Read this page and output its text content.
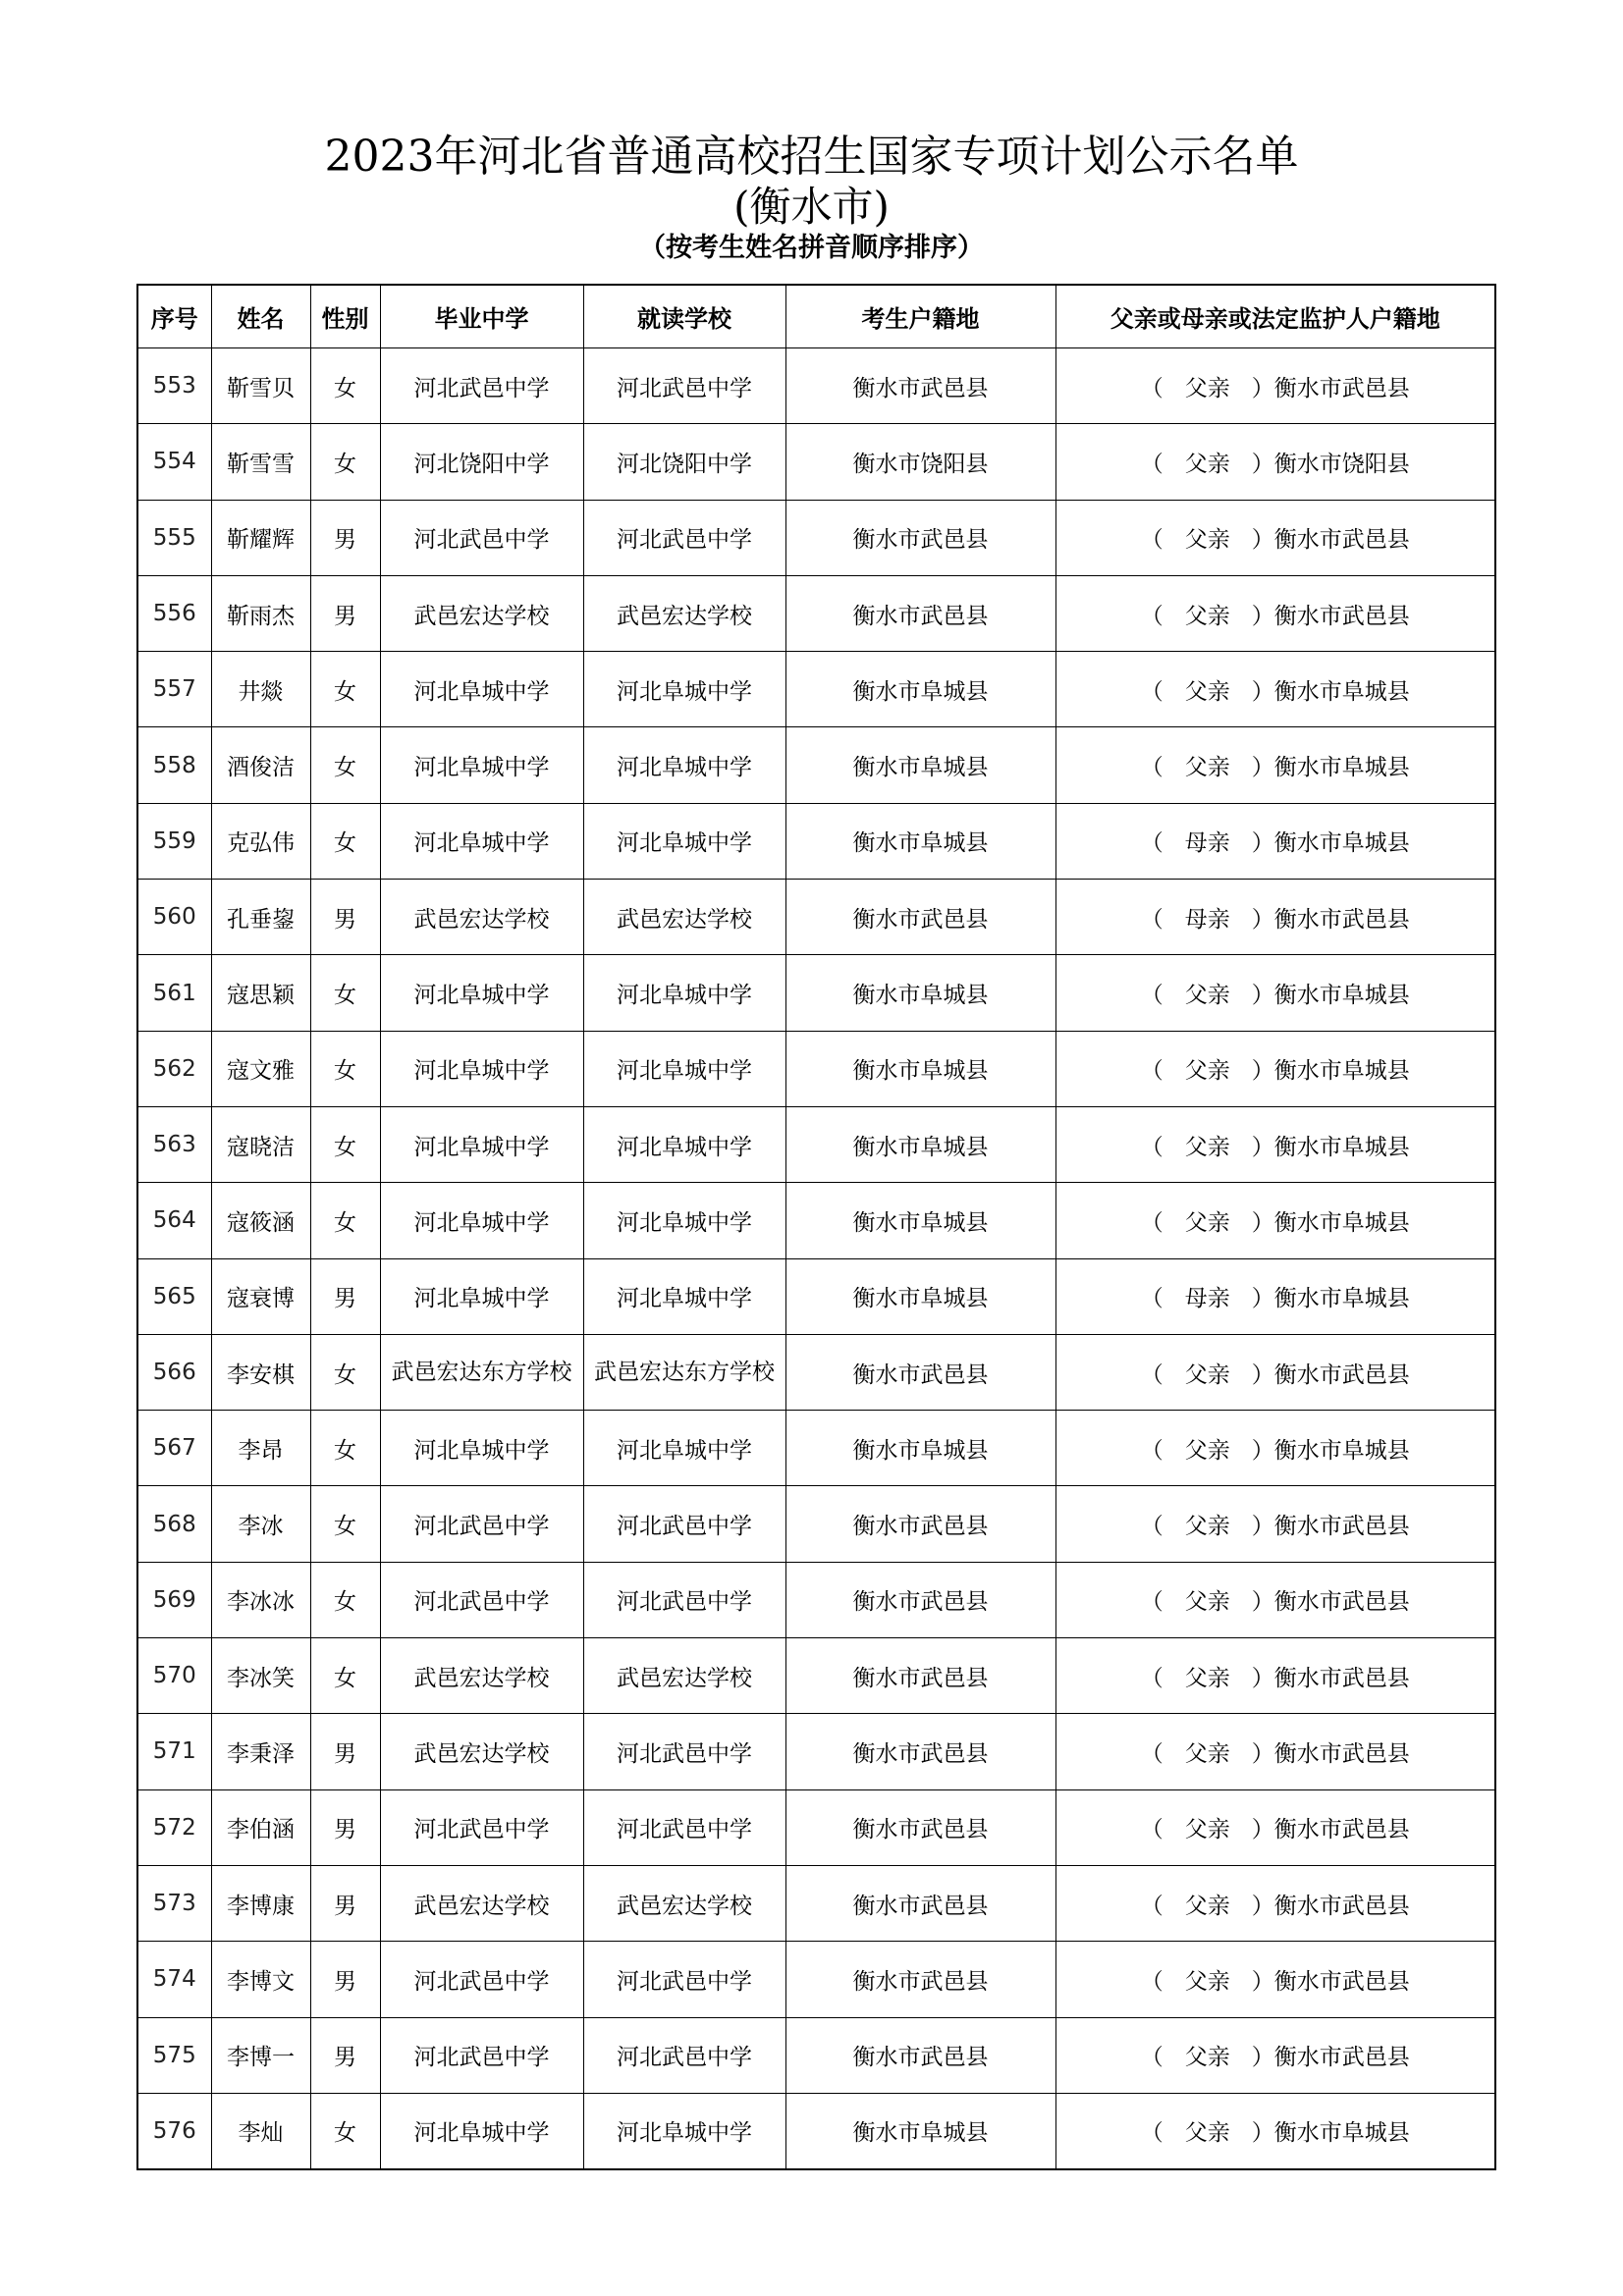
2023年河北省普通高校招生国家专项计划公示名单
(衡水市)
（按考生姓名拼音顺序排序）
序号	姓名	性别	毕业中学	就读学校	考生户籍地	父亲或母亲或法定监护人户籍地
553	靳雪贝	女	河北武邑中学	河北武邑中学	衡水市武邑县	（ 父亲 ）衡水市武邑县
554	靳雪雪	女	河北饶阳中学	河北饶阳中学	衡水市饶阳县	（ 父亲 ）衡水市饶阳县
555	靳耀辉	男	河北武邑中学	河北武邑中学	衡水市武邑县	（ 父亲 ）衡水市武邑县
556	靳雨杰	男	武邑宏达学校	武邑宏达学校	衡水市武邑县	（ 父亲 ）衡水市武邑县
557	井燚	女	河北阜城中学	河北阜城中学	衡水市阜城县	（ 父亲 ）衡水市阜城县
558	酒俊洁	女	河北阜城中学	河北阜城中学	衡水市阜城县	（ 父亲 ）衡水市阜城县
559	克弘伟	女	河北阜城中学	河北阜城中学	衡水市阜城县	（ 母亲 ）衡水市阜城县
560	孔垂鋆	男	武邑宏达学校	武邑宏达学校	衡水市武邑县	（ 母亲 ）衡水市武邑县
561	寇思颖	女	河北阜城中学	河北阜城中学	衡水市阜城县	（ 父亲 ）衡水市阜城县
562	寇文雅	女	河北阜城中学	河北阜城中学	衡水市阜城县	（ 父亲 ）衡水市阜城县
563	寇晓洁	女	河北阜城中学	河北阜城中学	衡水市阜城县	（ 父亲 ）衡水市阜城县
564	寇筱涵	女	河北阜城中学	河北阜城中学	衡水市阜城县	（ 父亲 ）衡水市阜城县
565	寇衰博	男	河北阜城中学	河北阜城中学	衡水市阜城县	（ 母亲 ）衡水市阜城县
566	李安棋	女	武邑宏达东方学校	武邑宏达东方学校	衡水市武邑县	（ 父亲 ）衡水市武邑县
567	李昂	女	河北阜城中学	河北阜城中学	衡水市阜城县	（ 父亲 ）衡水市阜城县
568	李冰	女	河北武邑中学	河北武邑中学	衡水市武邑县	（ 父亲 ）衡水市武邑县
569	李冰冰	女	河北武邑中学	河北武邑中学	衡水市武邑县	（ 父亲 ）衡水市武邑县
570	李冰笑	女	武邑宏达学校	武邑宏达学校	衡水市武邑县	（ 父亲 ）衡水市武邑县
571	李秉泽	男	武邑宏达学校	河北武邑中学	衡水市武邑县	（ 父亲 ）衡水市武邑县
572	李伯涵	男	河北武邑中学	河北武邑中学	衡水市武邑县	（ 父亲 ）衡水市武邑县
573	李博康	男	武邑宏达学校	武邑宏达学校	衡水市武邑县	（ 父亲 ）衡水市武邑县
574	李博文	男	河北武邑中学	河北武邑中学	衡水市武邑县	（ 父亲 ）衡水市武邑县
575	李博一	男	河北武邑中学	河北武邑中学	衡水市武邑县	（ 父亲 ）衡水市武邑县
576	李灿	女	河北阜城中学	河北阜城中学	衡水市阜城县	（ 父亲 ）衡水市阜城县
